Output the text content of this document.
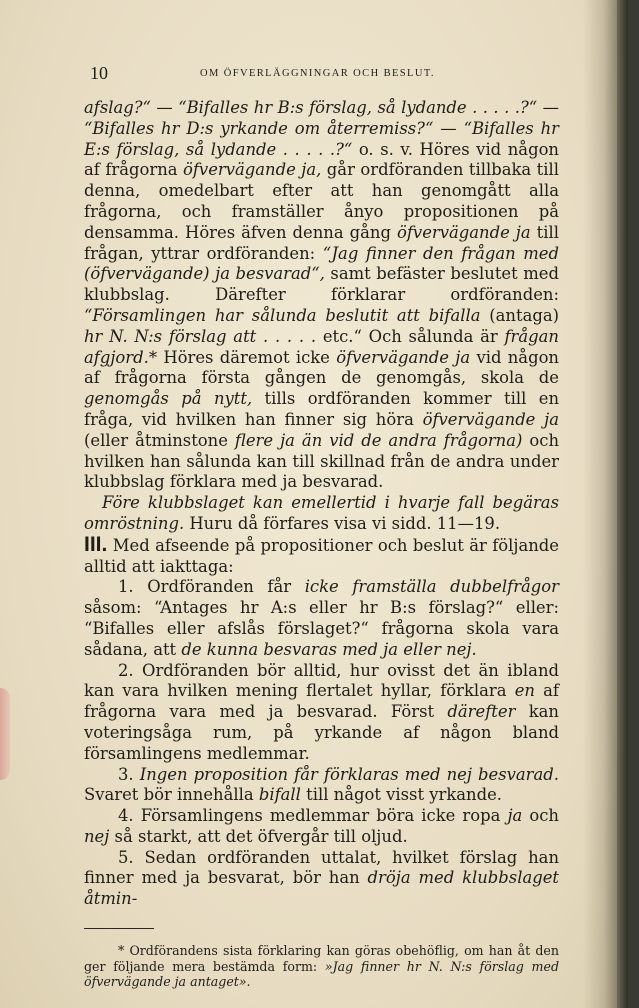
10	OM ÖFVERLÄGGNINGAR OCH BESLUT.

afslag?“ — “Bifalles hr B:s förslag, så lydande . . . . .?“ — “Bifalles hr D:s yrkande om återremiss?“ — “Bifalles hr E:s förslag, så lydande . . . . .?“ o. s. v. Höres vid någon af frågorna öfvervägande ja, går ordföranden tillbaka till denna, omedelbart efter att han genomgått alla frågorna, och framställer ånyo propositionen på densamma. Höres äfven denna gång öfvervägande ja till frågan, yttrar ordföranden: “Jag finner den frågan med (öfvervägande) ja besvarad“, samt befäster beslutet med klubbslag. Därefter förklarar ordföranden: “Församlingen har sålunda beslutit att bifalla (antaga) hr N. N:s förslag att . . . . . etc.“ Och sålunda är frågan afgjord.* Höres däremot icke öfvervägande ja vid någon af frågorna första gången de genomgås, skola de genomgås på nytt, tills ordföranden kommer till en fråga, vid hvilken han finner sig höra öfvervägande ja (eller åtminstone flere ja än vid de andra frågorna) och hvilken han sålunda kan till skillnad från de andra under klubbslag förklara med ja besvarad.

Före klubbslaget kan emellertid i hvarje fall begäras omröstning. Huru då förfares visa vi sidd. 11—19.

III. Med afseende på propositioner och beslut är följande alltid att iakttaga:

1. Ordföranden får icke framställa dubbelfrågor såsom: “Antages hr A:s eller hr B:s förslag?“ eller: “Bifalles eller afslås förslaget?“ frågorna skola vara sådana, att de kunna besvaras med ja eller nej.

2. Ordföranden bör alltid, hur ovisst det än ibland kan vara hvilken mening flertalet hyllar, förklara en af frågorna vara med ja besvarad. Först därefter kan voteringsåga rum, på yrkande af någon bland församlingens medlemmar.

3. Ingen proposition får förklaras med nej besvarad. Svaret bör innehålla bifall till något visst yrkande.

4. Församlingens medlemmar böra icke ropa ja och nej så starkt, att det öfvergår till oljud.

5. Sedan ordföranden uttalat, hvilket förslag han finner med ja besvarat, bör han dröja med klubbslaget åtmin-

* Ordförandens sista förklaring kan göras obehöflig, om han åt den ger följande mera bestämda form: »Jag finner hr N. N:s förslag med öfvervägande ja antaget».
